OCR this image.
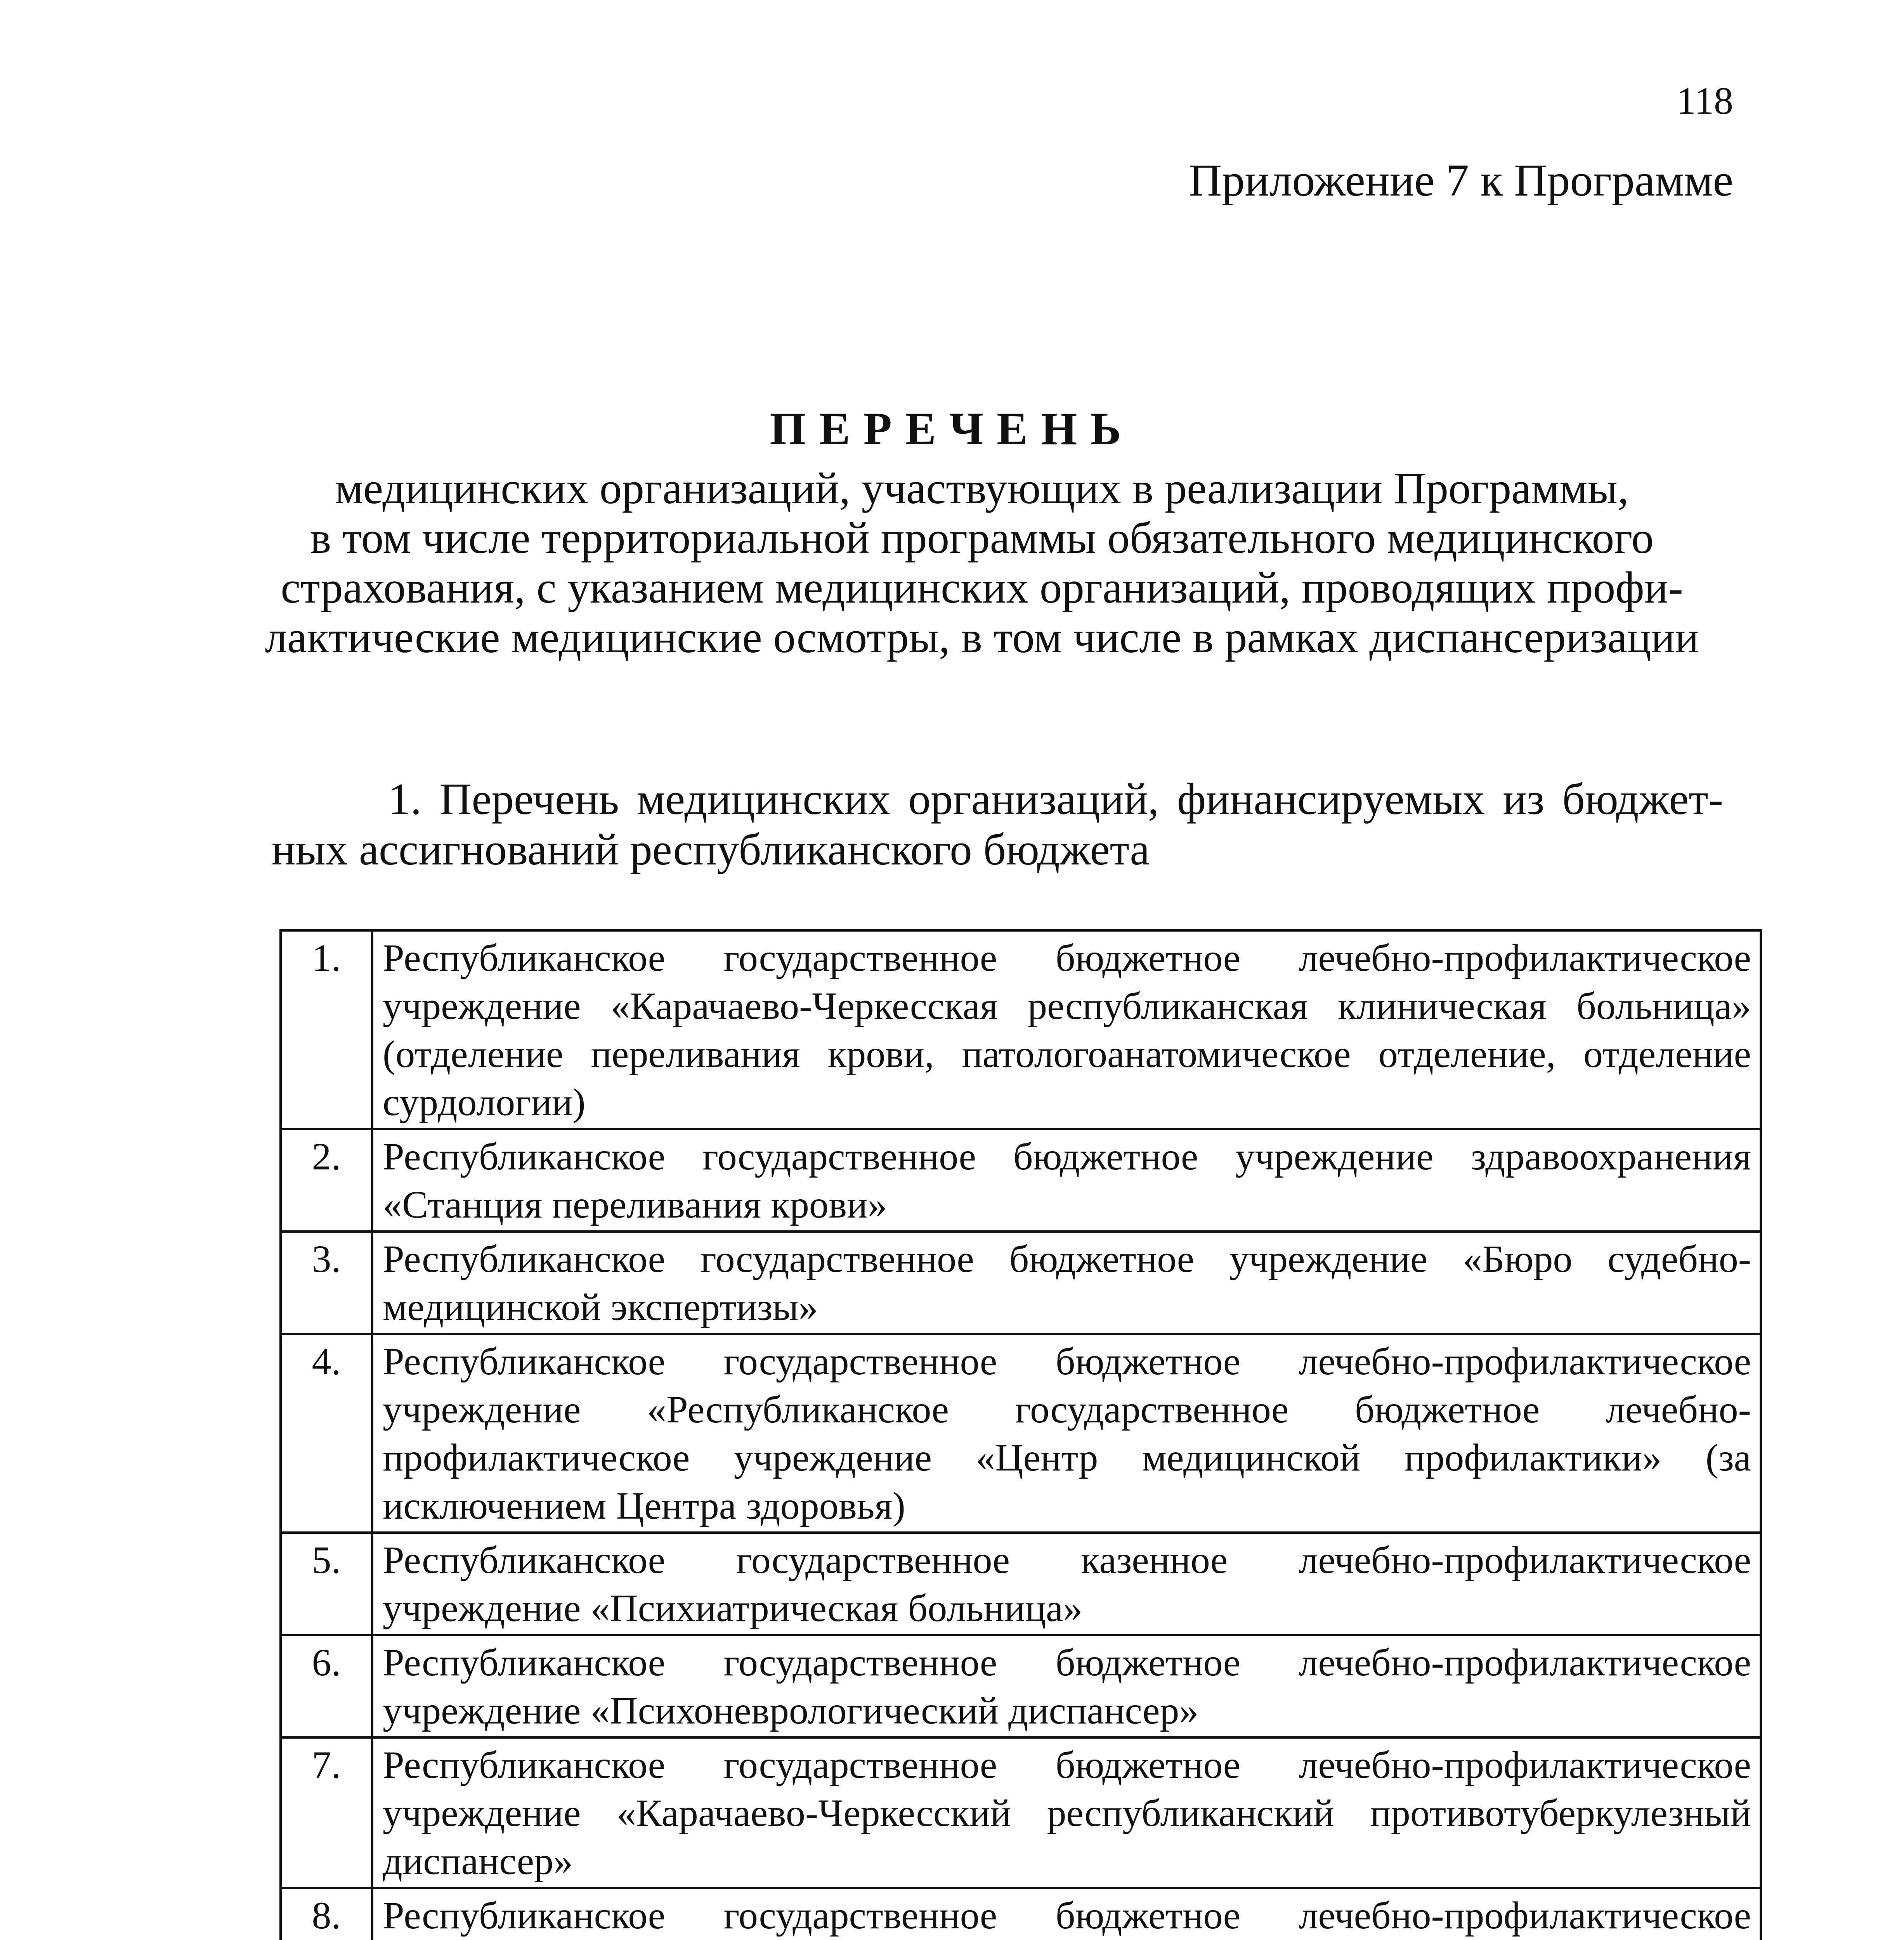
118
Приложение 7 к Программе
ПЕРЕЧЕНЬ
медицинских организаций, участвующих в реализации Программы,
в том числе территориальной программы обязательного медицинского
страхования, с указанием медицинских организаций, проводящих профи-
лактические медицинские осмотры, в том числе в рамках диспансеризации
1. Перечень медицинских организаций, финансируемых из бюджет-
ных ассигнований республиканского бюджета
1.	Республиканское государственное бюджетное лечебно-профилактическое учреждение «Карачаево-Черкесская республиканская клиническая больница» (отделение переливания крови, патологоанатомическое отделение, отделение сурдологии)
2.	Республиканское государственное бюджетное учреждение здравоохранения «Станция переливания крови»
3.	Республиканское государственное бюджетное учреждение «Бюро судебно-медицинской экспертизы»
4.	Республиканское государственное бюджетное лечебно-профилактическое учреждение «Республиканское государственное бюджетное лечебно-профилактическое учреждение «Центр медицинской профилактики» (за исключением Центра здоровья)
5.	Республиканское государственное казенное лечебно-профилактическое учреждение «Психиатрическая больница»
6.	Республиканское государственное бюджетное лечебно-профилактическое учреждение «Психоневрологический диспансер»
7.	Республиканское государственное бюджетное лечебно-профилактическое учреждение «Карачаево-Черкесский республиканский противотуберкулезный диспансер»
8.	Республиканское государственное бюджетное лечебно-профилактическое
